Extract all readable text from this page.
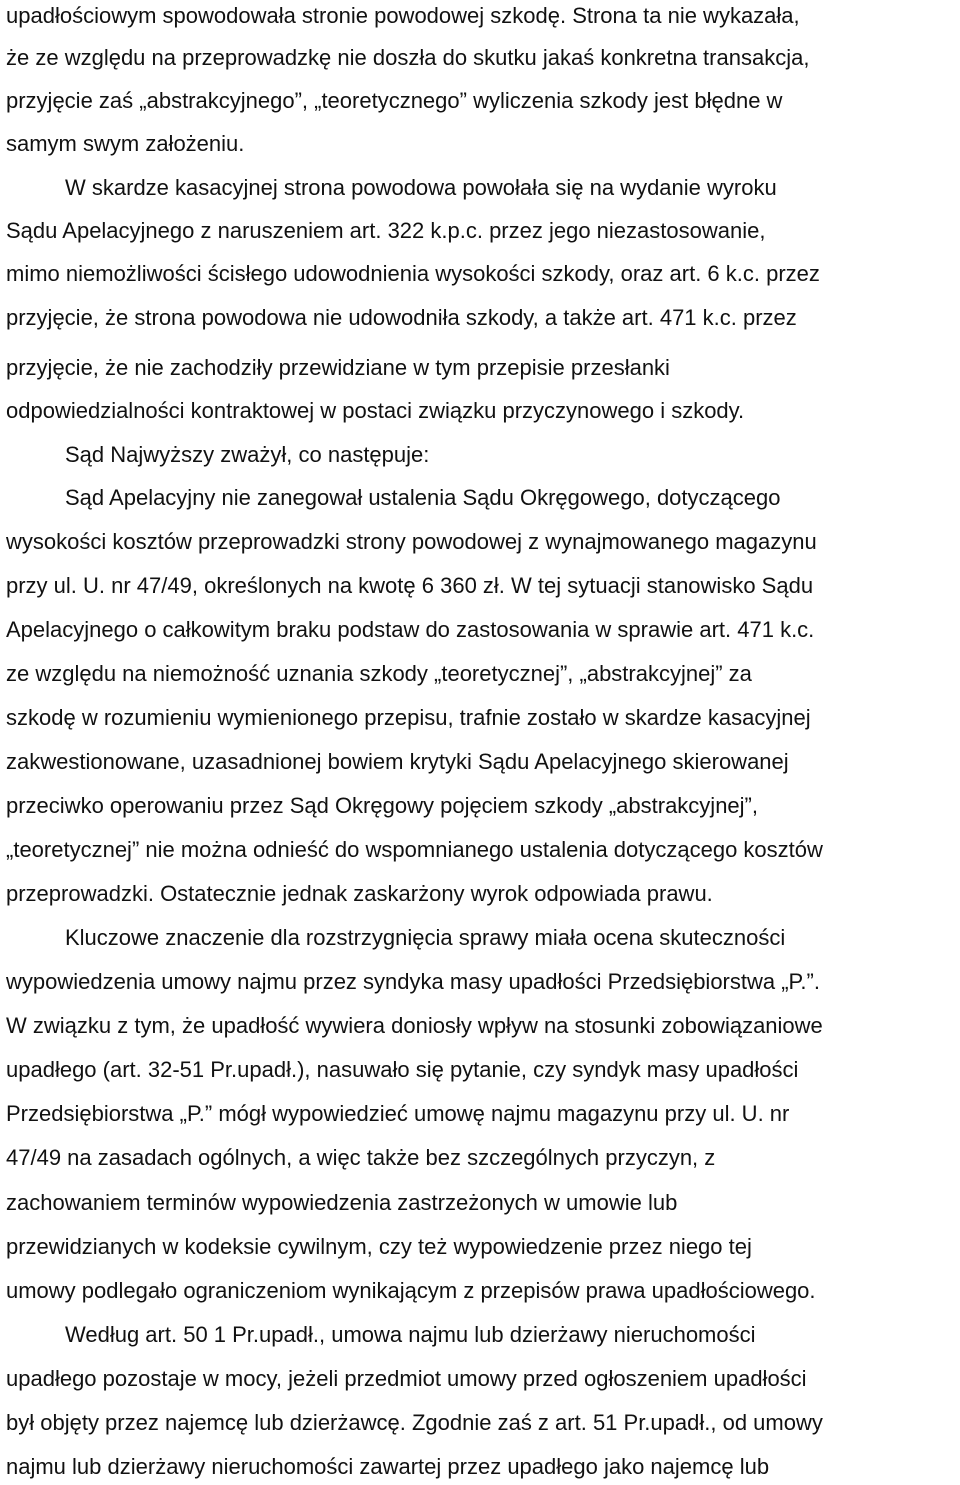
upadłościowym spowodowała stronie powodowej szkodę. Strona ta nie wykazała,
że ze względu na przeprowadzkę nie doszła do skutku jakaś konkretna transakcja,
przyjęcie zaś „abstrakcyjnego”, „teoretycznego” wyliczenia szkody jest błędne w
samym swym założeniu.
W skardze kasacyjnej strona powodowa powołała się na wydanie wyroku
Sądu Apelacyjnego z naruszeniem art. 322 k.p.c. przez jego niezastosowanie,
mimo niemożliwości ścisłego udowodnienia wysokości szkody, oraz art. 6 k.c. przez
przyjęcie, że strona powodowa nie udowodniła szkody, a także art. 471 k.c. przez
przyjęcie, że nie zachodziły przewidziane w tym przepisie przesłanki
odpowiedzialności kontraktowej w postaci związku przyczynowego i szkody.
Sąd Najwyższy zważył, co następuje:
Sąd Apelacyjny nie zanegował ustalenia Sądu Okręgowego, dotyczącego
wysokości kosztów przeprowadzki strony powodowej z wynajmowanego magazynu
przy ul. U. nr 47/49, określonych na kwotę 6 360 zł. W tej sytuacji stanowisko Sądu
Apelacyjnego o całkowitym braku podstaw do zastosowania w sprawie art. 471 k.c.
ze względu na niemożność uznania szkody „teoretycznej”, „abstrakcyjnej” za
szkodę w rozumieniu wymienionego przepisu, trafnie zostało w skardze kasacyjnej
zakwestionowane, uzasadnionej bowiem krytyki Sądu Apelacyjnego skierowanej
przeciwko operowaniu przez Sąd Okręgowy pojęciem szkody „abstrakcyjnej”,
„teoretycznej” nie można odnieść do wspomnianego ustalenia dotyczącego kosztów
przeprowadzki. Ostatecznie jednak zaskarżony wyrok odpowiada prawu.
Kluczowe znaczenie dla rozstrzygnięcia sprawy miała ocena skuteczności
wypowiedzenia umowy najmu przez syndyka masy upadłości Przedsiębiorstwa „P.”.
W związku z tym, że upadłość wywiera doniosły wpływ na stosunki zobowiązaniowe
upadłego (art. 32-51 Pr.upadł.), nasuwało się pytanie, czy syndyk masy upadłości
Przedsiębiorstwa „P.” mógł wypowiedzieć umowę najmu magazynu przy ul. U. nr
47/49 na zasadach ogólnych, a więc także bez szczególnych przyczyn, z
zachowaniem terminów wypowiedzenia zastrzeżonych w umowie lub
przewidzianych w kodeksie cywilnym, czy też wypowiedzenie przez niego tej
umowy podlegało ograniczeniom wynikającym z przepisów prawa upadłościowego.
Według art. 50 1 Pr.upadł., umowa najmu lub dzierżawy nieruchomości
upadłego pozostaje w mocy, jeżeli przedmiot umowy przed ogłoszeniem upadłości
był objęty przez najemcę lub dzierżawcę. Zgodnie zaś z art. 51 Pr.upadł., od umowy
najmu lub dzierżawy nieruchomości zawartej przez upadłego jako najemcę lub
